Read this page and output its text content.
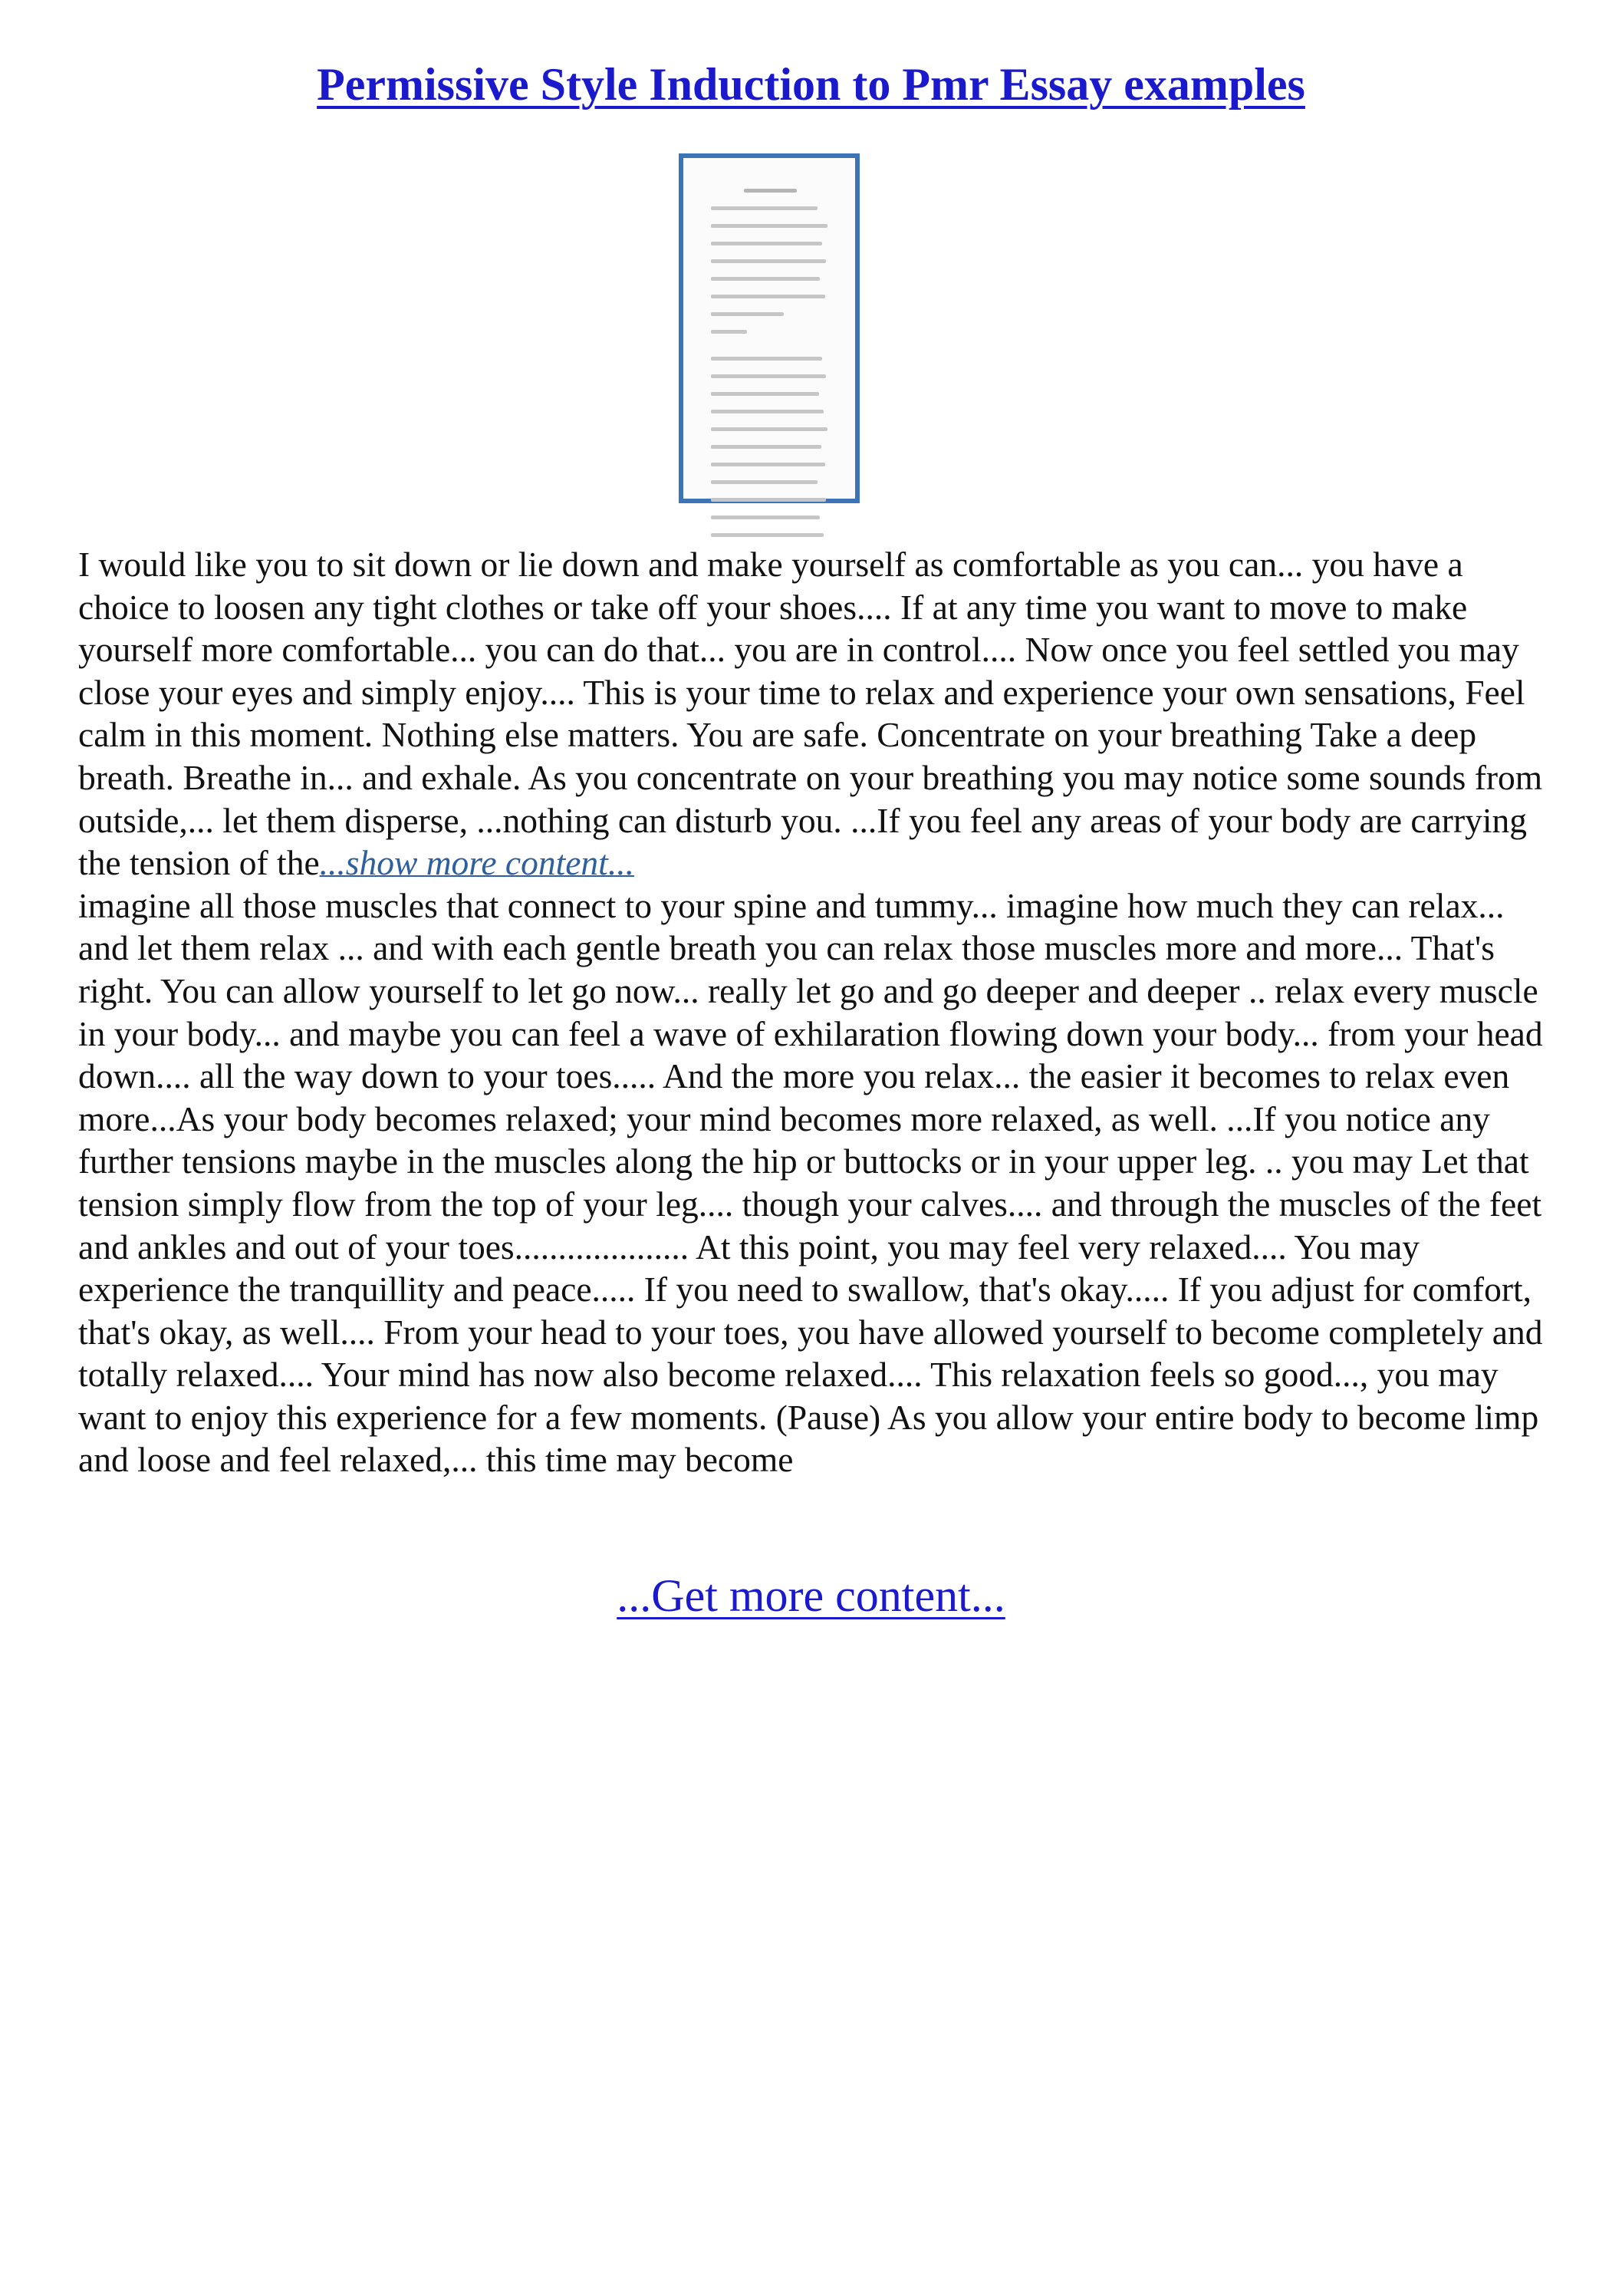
Permissive Style Induction to Pmr Essay examples

I would like you to sit down or lie down and make yourself as comfortable as you can... you have a choice to loosen any tight clothes or take off your shoes.... If at any time you want to move to make yourself more comfortable... you can do that... you are in control.... Now once you feel settled you may close your eyes and simply enjoy.... This is your time to relax and experience your own sensations, Feel calm in this moment. Nothing else matters. You are safe. Concentrate on your breathing Take a deep breath. Breathe in... and exhale. As you concentrate on your breathing you may notice some sounds from outside,... let them disperse, ...nothing can disturb you. ...If you feel any areas of your body are carrying the tension of the...show more content...
imagine all those muscles that connect to your spine and tummy... imagine how much they can relax... and let them relax ... and with each gentle breath you can relax those muscles more and more... That's right. You can allow yourself to let go now... really let go and go deeper and deeper .. relax every muscle in your body... and maybe you can feel a wave of exhilaration flowing down your body... from your head down.... all the way down to your toes..... And the more you relax... the easier it becomes to relax even more...As your body becomes relaxed; your mind becomes more relaxed, as well. ...If you notice any further tensions maybe in the muscles along the hip or buttocks or in your upper leg. .. you may Let that tension simply flow from the top of your leg.... though your calves.... and through the muscles of the feet and ankles and out of your toes.................... At this point, you may feel very relaxed.... You may experience the tranquillity and peace..... If you need to swallow, that's okay..... If you adjust for comfort, that's okay, as well.... From your head to your toes, you have allowed yourself to become completely and totally relaxed.... Your mind has now also become relaxed.... This relaxation feels so good..., you may want to enjoy this experience for a few moments. (Pause) As you allow your entire body to become limp and loose and feel relaxed,... this time may become

...Get more content...
